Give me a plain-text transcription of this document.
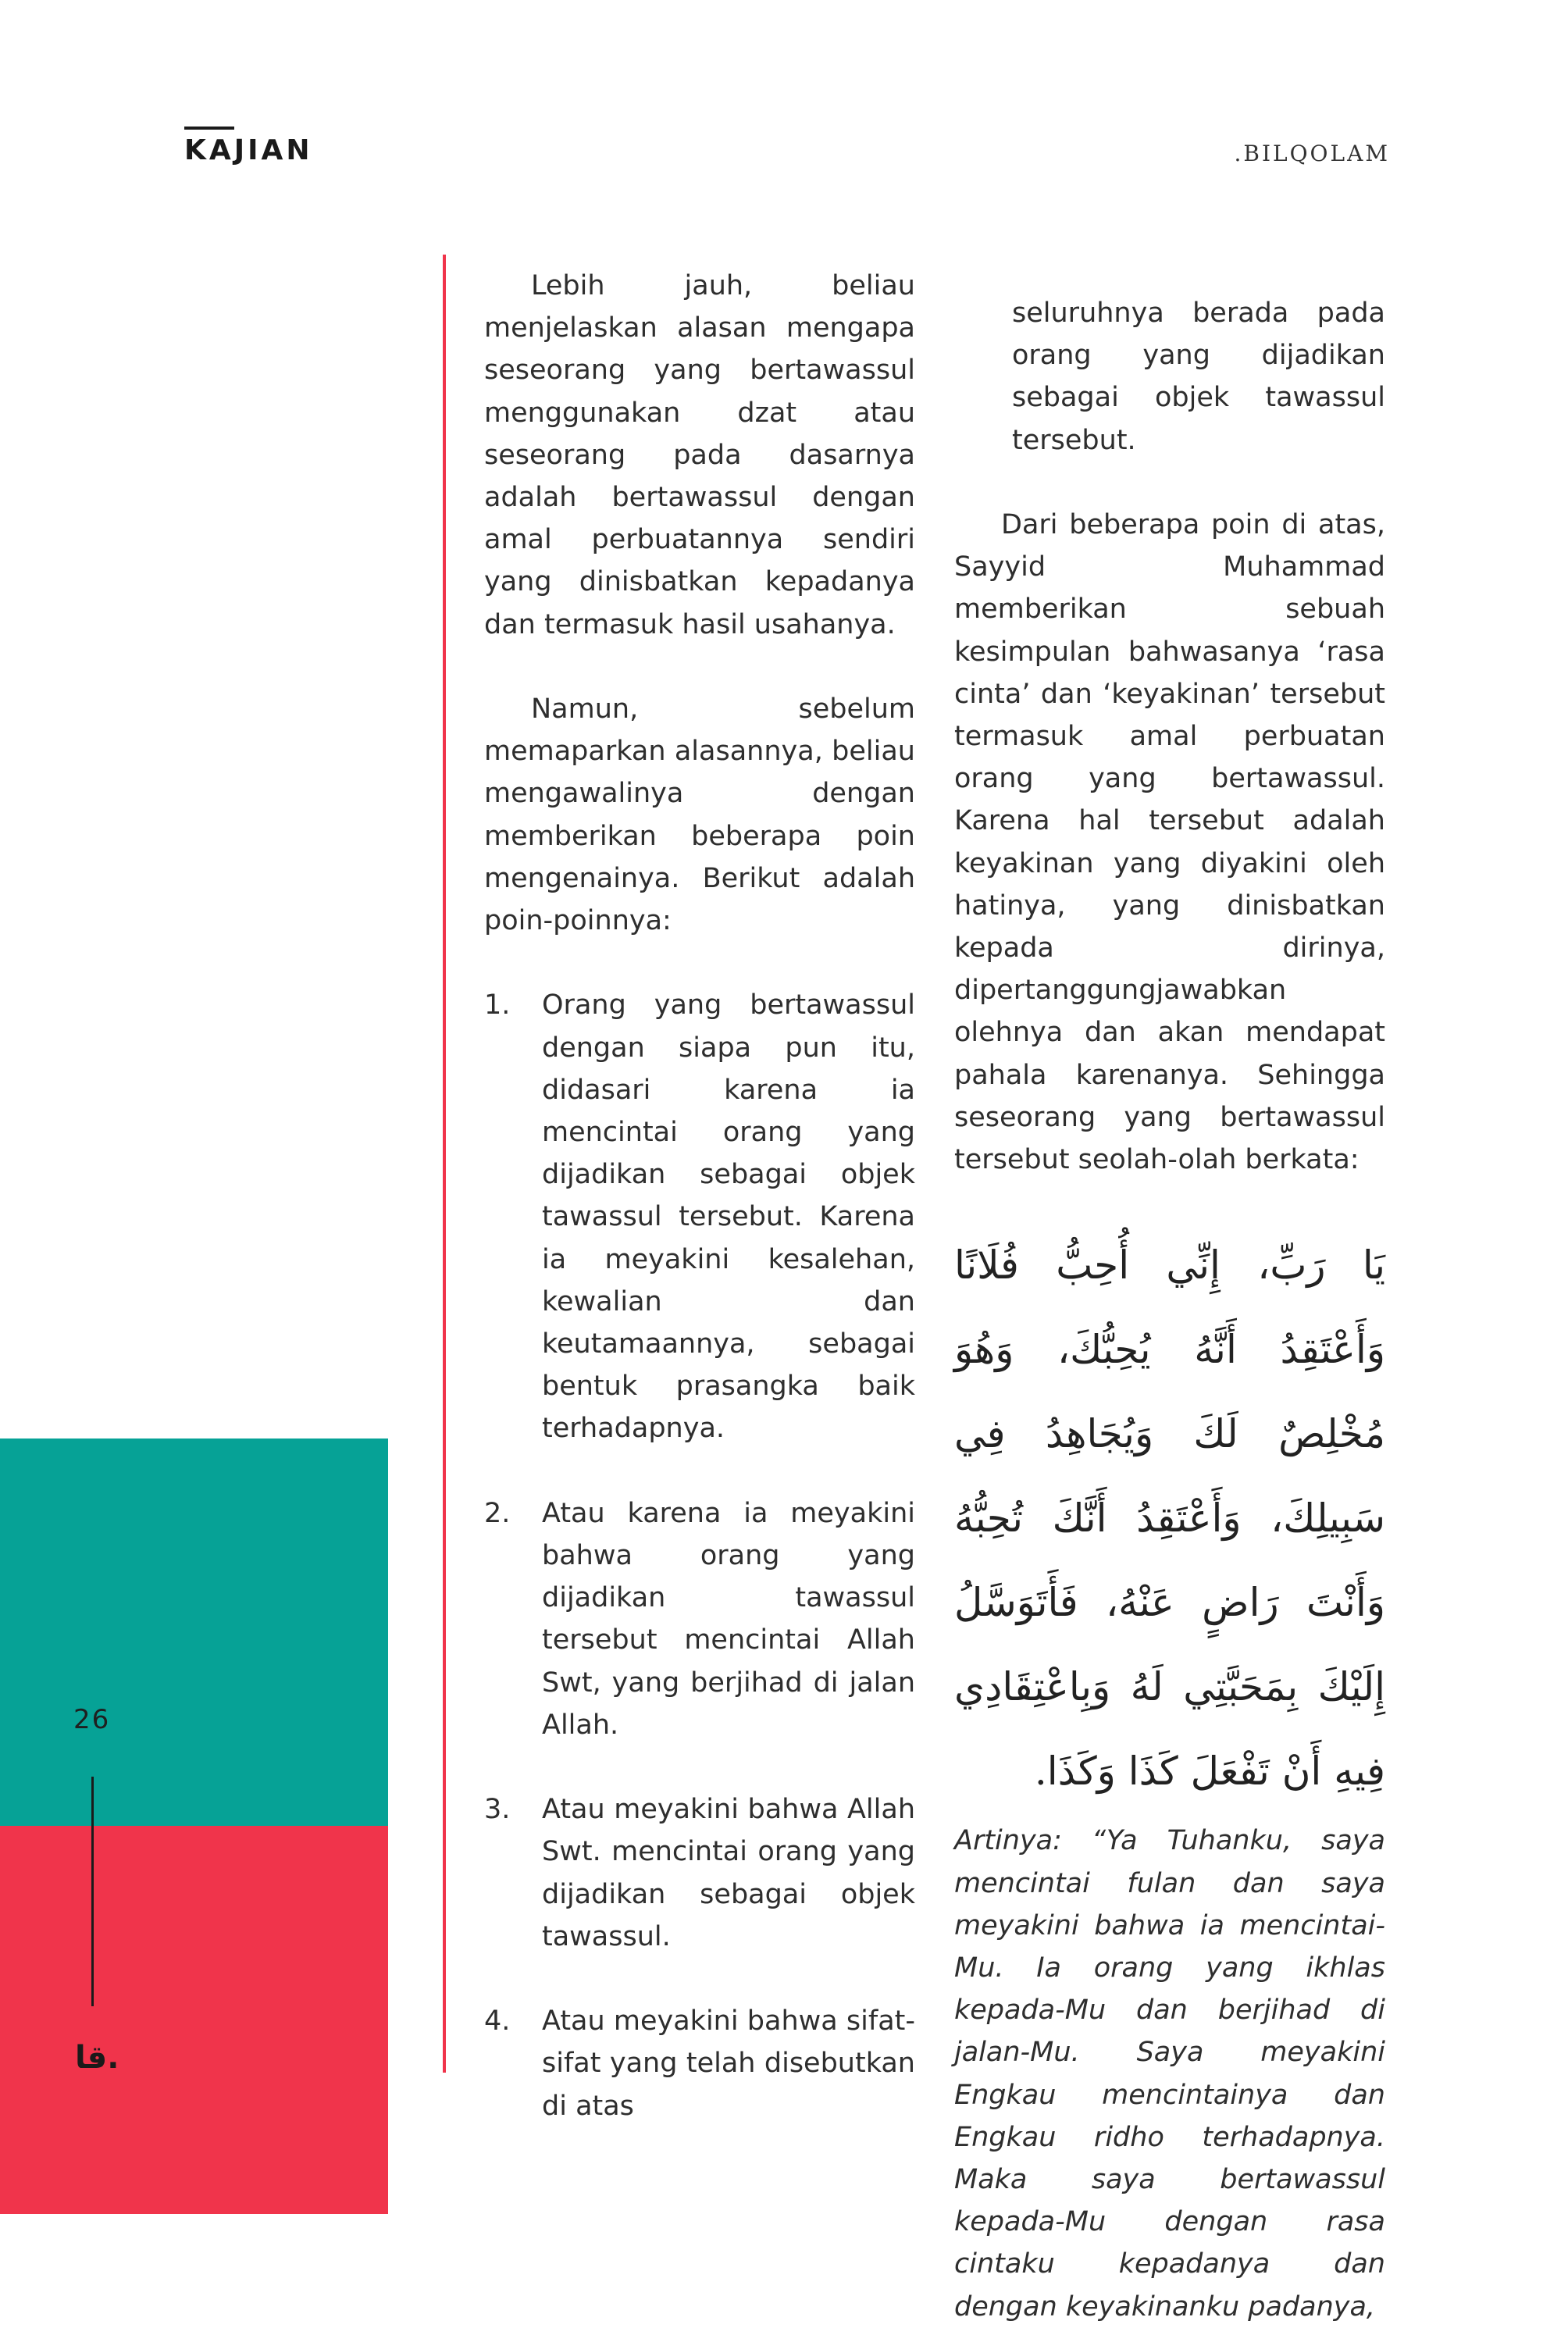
KAJIAN	.BILQOLAM

Lebih jauh, beliau menjelaskan alasan mengapa seseorang yang bertawassul menggunakan dzat atau seseorang pada dasarnya adalah bertawassul dengan amal perbuatannya sendiri yang dinisbatkan kepadanya dan termasuk hasil usahanya.

Namun, sebelum memaparkan alasannya, beliau mengawalinya dengan memberikan beberapa poin mengenainya. Berikut adalah poin-poinnya:

1.	Orang yang bertawassul dengan siapa pun itu, didasari karena ia mencintai orang yang dijadikan sebagai objek tawassul tersebut. Karena ia meyakini kesalehan, kewalian dan keutamaannya, sebagai bentuk prasangka baik terhadapnya.
2.	Atau karena ia meyakini bahwa orang yang dijadikan tawassul tersebut mencintai Allah Swt, yang berjihad di jalan Allah.
3.	Atau meyakini bahwa Allah Swt. mencintai orang yang dijadikan sebagai objek tawassul.
4.	Atau meyakini bahwa sifat-sifat yang telah disebutkan di atas

seluruhnya berada pada orang yang dijadikan sebagai objek tawassul tersebut.

Dari beberapa poin di atas, Sayyid Muhammad memberikan sebuah kesimpulan bahwasanya ‘rasa cinta’ dan ‘keyakinan’ tersebut termasuk amal perbuatan orang yang bertawassul. Karena hal tersebut adalah keyakinan yang diyakini oleh hatinya, yang dinisbatkan kepada dirinya, dipertanggungjawabkan olehnya dan akan mendapat pahala karenanya. Sehingga seseorang yang bertawassul tersebut seolah-olah berkata:

يَا رَبِّ، إِنِّي أُحِبُّ فُلَانًا وَأَعْتَقِدُ أَنَّهُ يُحِبُّكَ، وَهُوَ مُخْلِصٌ لَكَ وَيُجَاهِدُ فِي سَبِيلِكَ، وَأَعْتَقِدُ أَنَّكَ تُحِبُّهُ وَأَنْتَ رَاضٍ عَنْهُ، فَأَتَوَسَّلُ إِلَيْكَ بِمَحَبَّتِي لَهُ وَبِاعْتِقَادِي فِيهِ أَنْ تَفْعَلَ كَذَا وَكَذَا.

Artinya: “Ya Tuhanku, saya mencintai fulan dan saya meyakini bahwa ia mencintai-Mu. Ia orang yang ikhlas kepada-Mu dan berjihad di jalan-Mu. Saya meyakini Engkau mencintainya dan Engkau ridho terhadapnya. Maka saya bertawassul kepada-Mu dengan rasa cintaku kepadanya dan dengan keyakinanku padanya,

26
قا.
